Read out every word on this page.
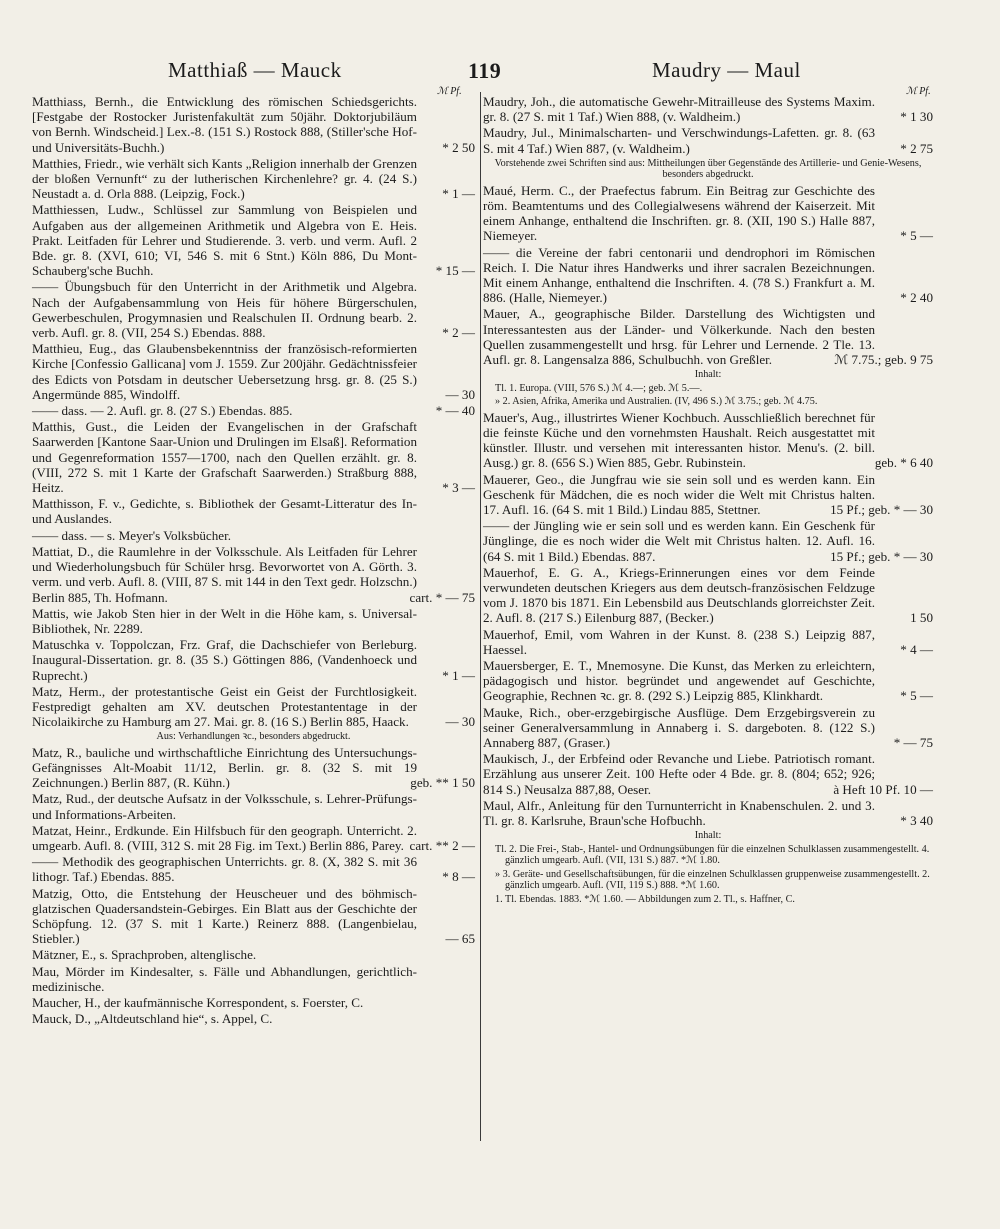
Matthiaß — Mauck	119	Maudry — Maul
ℳ Pf.	ℳ Pf.
Matthiass, Bernh., die Entwicklung des römischen Schiedsgerichts. [Festgabe der Rostocker Juristenfakultät zum 50jähr. Doktorjubiläum von Bernh. Windscheid.] Lex.-8. (151 S.) Rostock 888, (Stiller'sche Hof- und Universitäts-Buchh.)	* 2 50
Matthies, Friedr., wie verhält sich Kants „Religion innerhalb der Grenzen der bloßen Vernunft“ zu der lutherischen Kirchenlehre? gr. 4. (24 S.) Neustadt a. d. Orla 888. (Leipzig, Fock.)	* 1 —
Matthiessen, Ludw., Schlüssel zur Sammlung von Beispielen und Aufgaben aus der allgemeinen Arithmetik und Algebra von E. Heis. Prakt. Leitfaden für Lehrer und Studierende. 3. verb. und verm. Aufl. 2 Bde. gr. 8. (XVI, 610; VI, 546 S. mit 6 Stnt.) Köln 886, Du Mont-Schauberg'sche Buchh.	* 15 —
—— Übungsbuch für den Unterricht in der Arithmetik und Algebra. Nach der Aufgabensammlung von Heis für höhere Bürgerschulen, Gewerbeschulen, Progymnasien und Realschulen II. Ordnung bearb. 2. verb. Aufl. gr. 8. (VII, 254 S.) Ebendas. 888.	* 2 —
Matthieu, Eug., das Glaubensbekenntniss der französisch-reformierten Kirche [Confessio Gallicana] vom J. 1559. Zur 200jähr. Gedächtnissfeier des Edicts von Potsdam in deutscher Uebersetzung hrsg. gr. 8. (25 S.) Angermünde 885, Windolff.	— 30
—— dass. — 2. Aufl. gr. 8. (27 S.) Ebendas. 885.	* — 40
Matthis, Gust., die Leiden der Evangelischen in der Grafschaft Saarwerden [Kantone Saar-Union und Drulingen im Elsaß]. Reformation und Gegenreformation 1557—1700, nach den Quellen erzählt. gr. 8. (VIII, 272 S. mit 1 Karte der Grafschaft Saarwerden.) Straßburg 888, Heitz.	* 3 —
Matthisson, F. v., Gedichte, s. Bibliothek der Gesamt-Litteratur des In- und Auslandes.
—— dass. — s. Meyer's Volksbücher.
Mattiat, D., die Raumlehre in der Volksschule. Als Leitfaden für Lehrer und Wiederholungsbuch für Schüler hrsg. Bevorwortet von A. Görth. 3. verm. und verb. Aufl. 8. (VIII, 87 S. mit 144 in den Text gedr. Holzschn.) Berlin 885, Th. Hofmann.	cart. * — 75
Mattis, wie Jakob Sten hier in der Welt in die Höhe kam, s. Universal-Bibliothek, Nr. 2289.
Matuschka v. Toppolczan, Frz. Graf, die Dachschiefer von Berleburg. Inaugural-Dissertation. gr. 8. (35 S.) Göttingen 886, (Vandenhoeck und Ruprecht.)	* 1 —
Matz, Herm., der protestantische Geist ein Geist der Furchtlosigkeit. Festpredigt gehalten am XV. deutschen Protestantentage in der Nicolaikirche zu Hamburg am 27. Mai. gr. 8. (16 S.) Berlin 885, Haack.	— 30
Aus: Verhandlungen ꝛc., besonders abgedruckt.
Matz, R., bauliche und wirthschaftliche Einrichtung des Untersuchungs-Gefängnisses Alt-Moabit 11/12, Berlin. gr. 8. (32 S. mit 19 Zeichnungen.) Berlin 887, (R. Kühn.)	geb. ** 1 50
Matz, Rud., der deutsche Aufsatz in der Volksschule, s. Lehrer-Prüfungs- und Informations-Arbeiten.
Matzat, Heinr., Erdkunde. Ein Hilfsbuch für den geograph. Unterricht. 2. umgearb. Aufl. 8. (VIII, 312 S. mit 28 Fig. im Text.) Berlin 886, Parey. cart. ** 2 —
—— Methodik des geographischen Unterrichts. gr. 8. (X, 382 S. mit 36 lithogr. Taf.) Ebendas. 885.	* 8 —
Matzig, Otto, die Entstehung der Heuscheuer und des böhmisch-glatzischen Quadersandstein-Gebirges. Ein Blatt aus der Geschichte der Schöpfung. 12. (37 S. mit 1 Karte.) Reinerz 888. (Langenbielau, Stiebler.)	— 65
Mätzner, E., s. Sprachproben, altenglische.
Mau, Mörder im Kindesalter, s. Fälle und Abhandlungen, gerichtlich-medizinische.
Maucher, H., der kaufmännische Korrespondent, s. Foerster, C.
Mauck, D., „Altdeutschland hie“, s. Appel, C.
Maudry, Joh., die automatische Gewehr-Mitrailleuse des Systems Maxim. gr. 8. (27 S. mit 1 Taf.) Wien 888, (v. Waldheim.)	* 1 30
Maudry, Jul., Minimalscharten- und Verschwindungs-Lafetten. gr. 8. (63 S. mit 4 Taf.) Wien 887, (v. Waldheim.)	* 2 75
Vorstehende zwei Schriften sind aus: Mittheilungen über Gegenstände des Artillerie- und Genie-Wesens, besonders abgedruckt.
Maué, Herm. C., der Praefectus fabrum. Ein Beitrag zur Geschichte des röm. Beamtentums und des Collegialwesens während der Kaiserzeit. Mit einem Anhange, enthaltend die Inschriften. gr. 8. (XII, 190 S.) Halle 887, Niemeyer.	* 5 —
—— die Vereine der fabri centonarii und dendrophori im Römischen Reich. I. Die Natur ihres Handwerks und ihrer sacralen Bezeichnungen. Mit einem Anhange, enthaltend die Inschriften. 4. (78 S.) Frankfurt a. M. 886. (Halle, Niemeyer.)	* 2 40
Mauer, A., geographische Bilder. Darstellung des Wichtigsten und Interessantesten aus der Länder- und Völkerkunde. Nach den besten Quellen zusammengestellt und hrsg. für Lehrer und Lernende. 2 Tle. 13. Aufl. gr. 8. Langensalza 886, Schulbuchh. von Greßler.	ℳ 7.75.; geb. 9 75
Inhalt:
Tl. 1. Europa. (VIII, 576 S.) ℳ 4.—; geb. ℳ 5.—.
» 2. Asien, Afrika, Amerika und Australien. (IV, 496 S.) ℳ 3.75.; geb. ℳ 4.75.
Mauer's, Aug., illustrirtes Wiener Kochbuch. Ausschließlich berechnet für die feinste Küche und den vornehmsten Haushalt. Reich ausgestattet mit künstler. Illustr. und versehen mit interessanten histor. Menu's. (2. bill. Ausg.) gr. 8. (656 S.) Wien 885, Gebr. Rubinstein.	geb. * 6 40
Mauerer, Geo., die Jungfrau wie sie sein soll und es werden kann. Ein Geschenk für Mädchen, die es noch wider die Welt mit Christus halten. 17. Aufl. 16. (64 S. mit 1 Bild.) Lindau 885, Stettner.	15 Pf.; geb. * — 30
—— der Jüngling wie er sein soll und es werden kann. Ein Geschenk für Jünglinge, die es noch wider die Welt mit Christus halten. 12. Aufl. 16. (64 S. mit 1 Bild.) Ebendas. 887.	15 Pf.; geb. * — 30
Mauerhof, E. G. A., Kriegs-Erinnerungen eines vor dem Feinde verwundeten deutschen Kriegers aus dem deutsch-französischen Feldzuge vom J. 1870 bis 1871. Ein Lebensbild aus Deutschlands glorreichster Zeit. 2. Aufl. 8. (217 S.) Eilenburg 887, (Becker.)	1 50
Mauerhof, Emil, vom Wahren in der Kunst. 8. (238 S.) Leipzig 887, Haessel.	* 4 —
Mauersberger, E. T., Mnemosyne. Die Kunst, das Merken zu erleichtern, pädagogisch und histor. begründet und angewendet auf Geschichte, Geographie, Rechnen ꝛc. gr. 8. (292 S.) Leipzig 885, Klinkhardt.	* 5 —
Mauke, Rich., ober-erzgebirgische Ausflüge. Dem Erzgebirgsverein zu seiner Generalversammlung in Annaberg i. S. dargeboten. 8. (122 S.) Annaberg 887, (Graser.)	* — 75
Maukisch, J., der Erbfeind oder Revanche und Liebe. Patriotisch romant. Erzählung aus unserer Zeit. 100 Hefte oder 4 Bde. gr. 8. (804; 652; 926; 814 S.) Neusalza 887,88, Oeser.	à Heft 10 Pf. 10 —
Maul, Alfr., Anleitung für den Turnunterricht in Knabenschulen. 2. und 3. Tl. gr. 8. Karlsruhe, Braun'sche Hofbuchh.	* 3 40
Inhalt:
Tl. 2. Die Frei-, Stab-, Hantel- und Ordnungsübungen für die einzelnen Schulklassen zusammengestellt. 4. gänzlich umgearb. Aufl. (VII, 131 S.) 887. *ℳ 1.80.
» 3. Geräte- und Gesellschaftsübungen, für die einzelnen Schulklassen gruppenweise zusammengestellt. 2. gänzlich umgearb. Aufl. (VII, 119 S.) 888. *ℳ 1.60.
1. Tl. Ebendas. 1883. *ℳ 1.60. — Abbildungen zum 2. Tl., s. Haffner, C.
